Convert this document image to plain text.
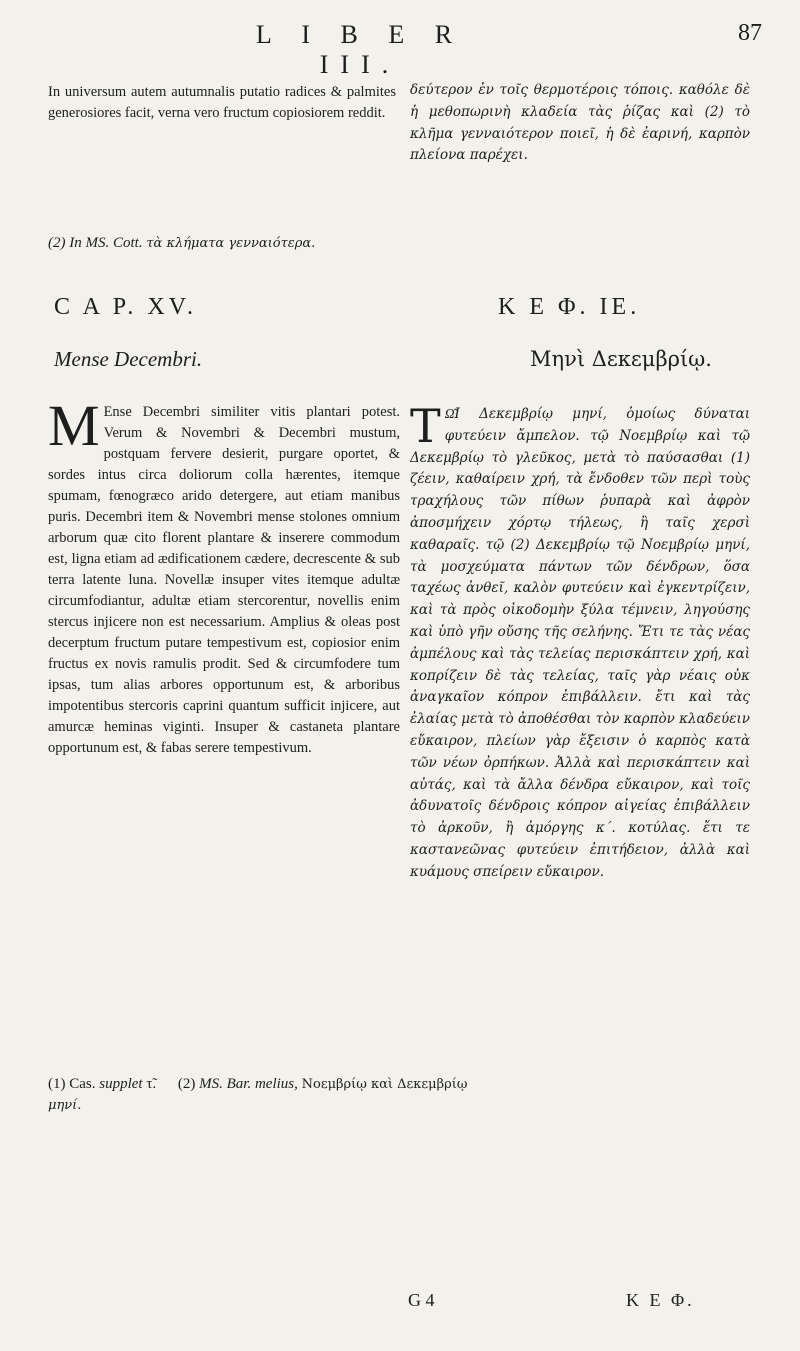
L I B E R III.
87

In universum autem autumnalis putatio radices & palmites generosiores facit, verna vero fructum copiosiorem reddit.

δεύτερον ἐν τοῖς θερμοτέροις τόποις. καθόλε δὲ ἡ μεθοπωρινὴ κλαδεία τὰς ῥίζας καὶ (2) τὸ κλῆμα γενναιότερον ποιεῖ, ἡ δὲ ἐαρινή, καρπὸν πλείονα παρέχει.

(2) In MS. Cott. τὰ κλήματα γενναιότερα.
C A P. XV.	K E Φ. IE.
Mense Decembri.	Μηνὶ Δεκεμβρίῳ.
M Ense Decembri similiter vitis plantari potest. Verum & Novembri & Decembri mustum, postquam fervere desierit, purgare oportet, & sordes intus circa doliorum colla hærentes, itemque spumam, fœnogræco arido detergere, aut etiam manibus puris. Decembri item & Novembri mense stolones omnium arborum quæ cito florent plantare & inserere commodum est, ligna etiam ad ædificationem cædere, decrescente & sub terra latente luna. Novellæ insuper vites itemque adultæ circumfodiantur, adultæ etiam stercorentur, novellis enim stercus injicere non est necessarium. Amplius & oleas post decerptum fructum putare tempestivum est, copiosior enim fructus ex novis ramulis prodit. Sed & circumfodere tum ipsas, tum alias arbores opportunum est, & arboribus impotentibus stercoris caprini quantum sufficit injicere, aut amurcæ heminas viginti. Insuper & castaneta plantare opportunum est, & fabas serere tempestivum.

Τ Ω͂Ι Δεκεμβρίῳ μηνί, ὁμοίως δύναται φυτεύειν ἄμπελον. τῷ Νοεμβρίῳ καὶ τῷ Δεκεμβρίῳ τὸ γλεῦκος, μετὰ τὸ παύσασθαι (1) ζέειν, καθαίρειν χρή, τὰ ἔνδοθεν τῶν περὶ τοὺς τραχήλους τῶν πίθων ῥυπαρὰ καὶ ἀφρὸν ἀποσμήχειν χόρτῳ τήλεως, ἢ ταῖς χερσὶ καθαραῖς. τῷ (2) Δεκεμβρίῳ τῷ Νοεμβρίῳ μηνί, τὰ μοσχεύματα πάντων τῶν δένδρων, ὅσα ταχέως ἀνθεῖ, καλὸν φυτεύειν καὶ ἐγκεντρίζειν, καὶ τὰ πρὸς οἰκοδομὴν ξύλα τέμνειν, ληγούσης καὶ ὑπὸ γῆν οὔσης τῆς σελήνης. Ἔτι τε τὰς νέας ἀμπέλους καὶ τὰς τελείας περισκάπτειν χρή, καὶ κοπρίζειν δὲ τὰς τελείας, ταῖς γὰρ νέαις οὐκ ἀναγκαῖον κόπρον ἐπιβάλλειν. ἔτι καὶ τὰς ἐλαίας μετὰ τὸ ἀποθέσθαι τὸν καρπὸν κλαδεύειν εὔκαιρον, πλείων γὰρ ἔξεισιν ὁ καρπὸς κατὰ τῶν νέων ὀρπήκων. Ἀλλὰ καὶ περισκάπτειν καὶ αὐτάς, καὶ τὰ ἄλλα δένδρα εὔκαιρον, καὶ τοῖς ἀδυνατοῖς δένδροις κόπρον αἰγείας ἐπιβάλλειν τὸ ἀρκοῦν, ἢ ἀμόργης κ΄. κοτύλας. ἔτι τε καστανεῶνας φυτεύειν ἐπιτήδειον, ἀλλὰ καὶ κυάμους σπείρειν εὔκαιρον.

(1) Cas. supplet τ̃. (2) MS. Bar. melius, Νοεμβρίῳ καὶ Δεκεμβρίῳ
μηνί.
G 4	K E Φ.
